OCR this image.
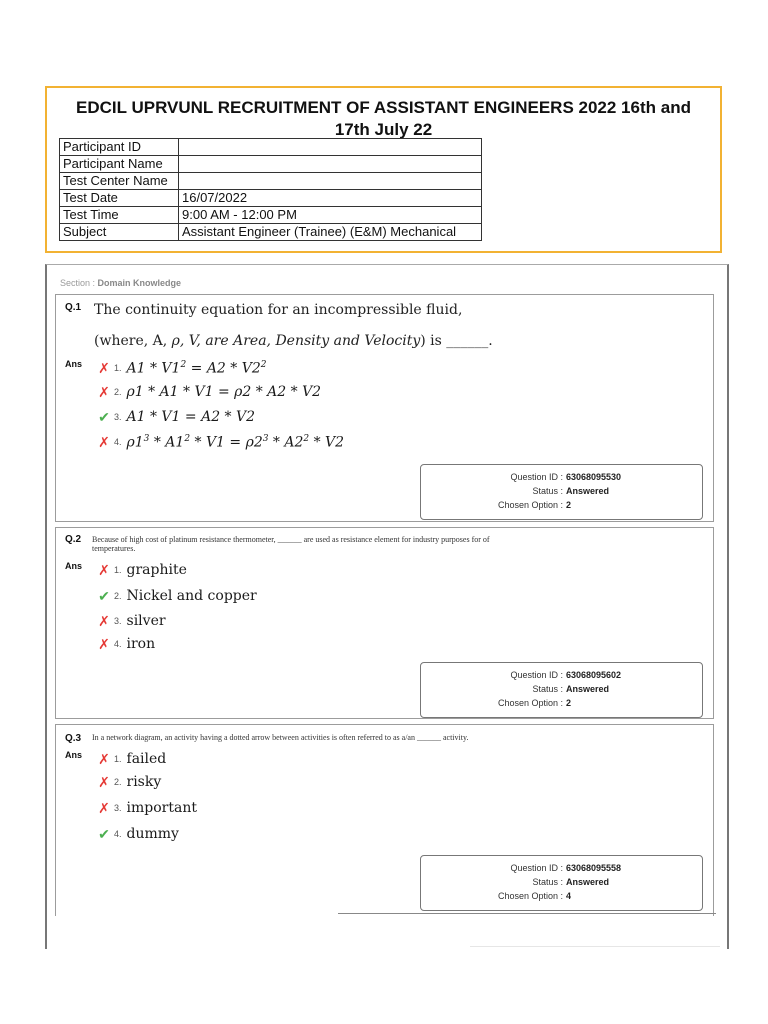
EDCIL UPRVUNL RECRUITMENT OF ASSISTANT ENGINEERS 2022 16th and 17th July 22
Participant ID	
Participant Name	
Test Center Name	
Test Date	16/07/2022
Test Time	9:00 AM - 12:00 PM
Subject	Assistant Engineer (Trainee) (E&M) Mechanical
Section : Domain Knowledge
Q.1 The continuity equation for an incompressible fluid,
(where, A, ρ, V, are Area, Density and Velocity) is ______.
Ans ✗ 1. $A1 * V1^2 = A2 * V2^2$
✗ 2. ρ1 * A1 * V1 = ρ2 * A2 * V2
✔ 3. A1 * V1 = A2 * V2
✗ 4. $\rho 1^3 * A1^2 * V1 = \rho 2^3 * A2^2 * V2$
Question ID : 63068095530
Status : Answered
Chosen Option : 2
Q.2 Because of high cost of platinum resistance thermometer, ______ are used as resistance element for industry purposes for of temperatures.
Ans ✗ 1. graphite
✔ 2. Nickel and copper
✗ 3. silver
✗ 4. iron
Question ID : 63068095602
Status : Answered
Chosen Option : 2
Q.3 In a network diagram, an activity having a dotted arrow between activities is often referred to as a/an ______ activity.
Ans ✗ 1. failed
✗ 2. risky
✗ 3. important
✔ 4. dummy
Question ID : 63068095558
Status : Answered
Chosen Option : 4
